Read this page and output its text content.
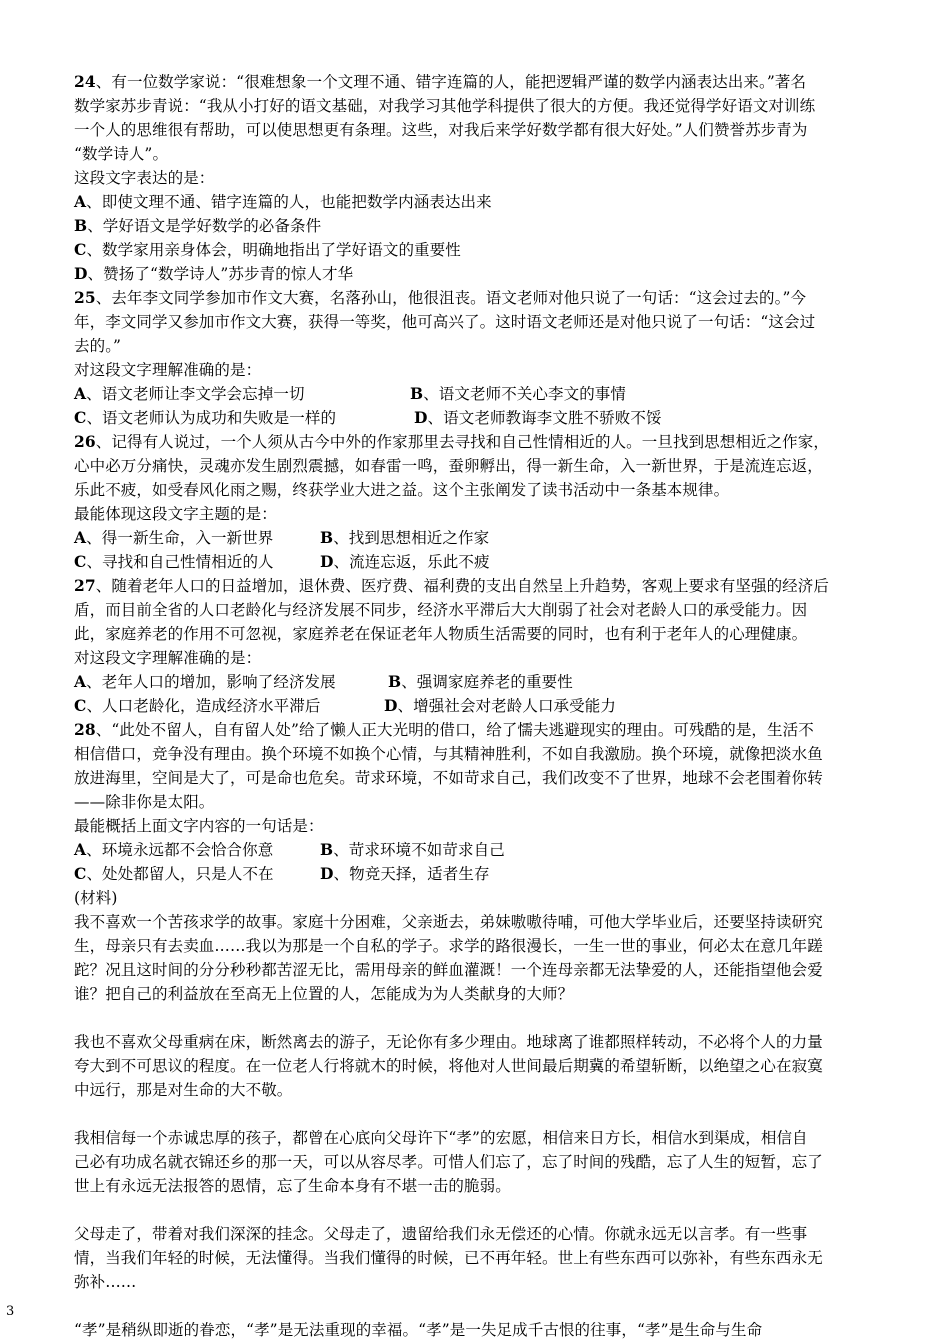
24、有一位数学家说：“很难想象一个文理不通、错字连篇的人，能把逻辑严谨的数学内涵表达出来。”著名
数学家苏步青说：“我从小打好的语文基础，对我学习其他学科提供了很大的方便。我还觉得学好语文对训练
一个人的思维很有帮助，可以使思想更有条理。这些，对我后来学好数学都有很大好处。”人们赞誉苏步青为
“数学诗人”。
这段文字表达的是：
A、即使文理不通、错字连篇的人，也能把数学内涵表达出来
B、学好语文是学好数学的必备条件
C、数学家用亲身体会，明确地指出了学好语文的重要性
D、赞扬了“数学诗人”苏步青的惊人才华
25、去年李文同学参加市作文大赛，名落孙山，他很沮丧。语文老师对他只说了一句话：“这会过去的。”今
年，李文同学又参加市作文大赛，获得一等奖，他可高兴了。这时语文老师还是对他只说了一句话：“这会过
去的。”
对这段文字理解准确的是：
A、语文老师让李文学会忘掉一切	B、语文老师不关心李文的事情
C、语文老师认为成功和失败是一样的	D、语文老师教诲李文胜不骄败不馁
26、记得有人说过，一个人须从古今中外的作家那里去寻找和自己性情相近的人。一旦找到思想相近之作家，
心中必万分痛快，灵魂亦发生剧烈震撼，如春雷一鸣，蚕卵孵出，得一新生命，入一新世界，于是流连忘返，
乐此不疲，如受春风化雨之赐，终获学业大进之益。这个主张阐发了读书活动中一条基本规律。
最能体现这段文字主题的是：
A、得一新生命，入一新世界	B、找到思想相近之作家
C、寻找和自己性情相近的人	D、流连忘返，乐此不疲
27、随着老年人口的日益增加，退休费、医疗费、福利费的支出自然呈上升趋势，客观上要求有坚强的经济后
盾，而目前全省的人口老龄化与经济发展不同步，经济水平滞后大大削弱了社会对老龄人口的承受能力。因
此，家庭养老的作用不可忽视，家庭养老在保证老年人物质生活需要的同时，也有利于老年人的心理健康。
对这段文字理解准确的是：
A、老年人口的增加，影响了经济发展	B、强调家庭养老的重要性
C、人口老龄化，造成经济水平滞后	D、增强社会对老龄人口承受能力
28、“此处不留人，自有留人处”给了懒人正大光明的借口，给了懦夫逃避现实的理由。可残酷的是，生活不
相信借口，竞争没有理由。换个环境不如换个心情，与其精神胜利，不如自我激励。换个环境，就像把淡水鱼
放进海里，空间是大了，可是命也危矣。苛求环境，不如苛求自己，我们改变不了世界，地球不会老围着你转
——除非你是太阳。
最能概括上面文字内容的一句话是：
A、环境永远都不会恰合你意	B、苛求环境不如苛求自己
C、处处都留人，只是人不在	D、物竞天择，适者生存
(材料)
我不喜欢一个苦孩求学的故事。家庭十分困难，父亲逝去，弟妹嗷嗷待哺，可他大学毕业后，还要坚持读研究
生，母亲只有去卖血……我以为那是一个自私的学子。求学的路很漫长，一生一世的事业，何必太在意几年蹉
跎？况且这时间的分分秒秒都苦涩无比，需用母亲的鲜血灌溉！一个连母亲都无法挚爱的人，还能指望他会爱
谁？把自己的利益放在至高无上位置的人，怎能成为为人类献身的大师？
我也不喜欢父母重病在床，断然离去的游子，无论你有多少理由。地球离了谁都照样转动，不必将个人的力量
夸大到不可思议的程度。在一位老人行将就木的时候，将他对人世间最后期冀的希望斩断，以绝望之心在寂寞
中远行，那是对生命的大不敬。
我相信每一个赤诚忠厚的孩子，都曾在心底向父母许下“孝”的宏愿，相信来日方长，相信水到渠成，相信自
己必有功成名就衣锦还乡的那一天，可以从容尽孝。可惜人们忘了，忘了时间的残酷，忘了人生的短暂，忘了
世上有永远无法报答的恩情，忘了生命本身有不堪一击的脆弱。
父母走了，带着对我们深深的挂念。父母走了，遗留给我们永无偿还的心情。你就永远无以言孝。有一些事
情，当我们年轻的时候，无法懂得。当我们懂得的时候，已不再年轻。世上有些东西可以弥补，有些东西永无
弥补……
“孝”是稍纵即逝的眷恋，“孝”是无法重现的幸福。“孝”是一失足成千古恨的往事，“孝”是生命与生命
3
